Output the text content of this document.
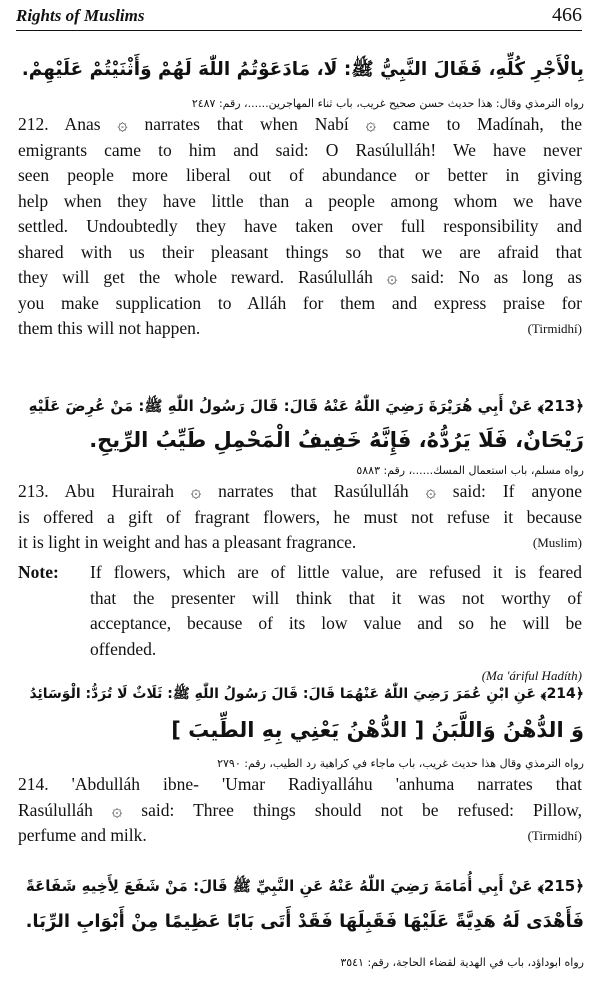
Rights of Muslims	466
بِالْأَجْرِ كُلِّهِ، فَقَالَ النَّبِيُّ ﷺ: لَا، مَادَعَوْتُمُ اللّٰهَ لَهُمْ وَأَثْنَيْتُمْ عَلَيْهِمْ.
رواه الترمذي وقال: هذا حديث حسن صحيح غريب، باب ثناء المهاجرين......، رقم: ٢٤٨٧
212. Anas ۞ narrates that when Nabí ۞ came to Madínah, the
emigrants came to him and said: O Rasúlulláh! We have never
seen people more liberal out of abundance or better in giving
help when they have little than a people among whom we have
settled. Undoubtedly they have taken over full responsibility and
shared with us their pleasant things so that we are afraid that
they will get the whole reward. Rasúlulláh ۞ said: No as long as
you make supplication to Alláh for them and express praise for
them this will not happen.	(Tirmidhí)
﴿213﴾ عَنْ أَبِي هُرَيْرَةَ رَضِيَ اللّٰهُ عَنْهُ قَالَ: قَالَ رَسُولُ اللّٰهِ ﷺ: مَنْ عُرِضَ عَلَيْهِ
رَيْحَانٌ، فَلَا يَرُدُّهُ، فَإِنَّهُ خَفِيفُ الْمَحْمِلِ طَيِّبُ الرِّيحِ.
رواه مسلم، باب استعمال المسك......، رقم: ٥٨٨٣
213. Abu Hurairah ۞ narrates that Rasúlulláh ۞ said: If anyone
is offered a gift of fragrant flowers, he must not refuse it because
it is light in weight and has a pleasant fragrance.	(Muslim)
Note: If flowers, which are of little value, are refused it is feared
that the presenter will think that it was not worthy of
acceptance, because of its low value and so he will be
offended.
(Ma 'áriful Hadíth)
﴿214﴾ عَنِ ابْنِ عُمَرَ رَضِيَ اللّٰهُ عَنْهُمَا قَالَ: قَالَ رَسُولُ اللّٰهِ ﷺ: ثَلَاثٌ لَا تُرَدُّ: الْوَسَائِدُ
وَ الدُّهْنُ وَاللَّبَنُ [ الدُّهْنُ يَعْنِي بِهِ الطِّيبَ ]
رواه الترمذي وقال هذا حديث غريب، باب ماجاء في كراهية رد الطيب، رقم: ٢٧٩٠
214. 'Abdulláh ibne- 'Umar Radiyalláhu 'anhuma narrates that
Rasúlulláh ۞ said: Three things should not be refused: Pillow,
perfume and milk.	(Tirmidhí)
﴿215﴾ عَنْ أَبِي أُمَامَةَ رَضِيَ اللّٰهُ عَنْهُ عَنِ النَّبِيِّ ﷺ قَالَ: مَنْ شَفَعَ لِأَخِيهِ شَفَاعَةً
فَأَهْدَى لَهُ هَدِيَّةً عَلَيْهَا فَقَبِلَهَا فَقَدْ أَتَى بَابًا عَظِيمًا مِنْ أَبْوَابِ الرِّبَا.
رواه ابوداؤد، باب في الهدية لقضاء الحاجة، رقم: ٣٥٤١
